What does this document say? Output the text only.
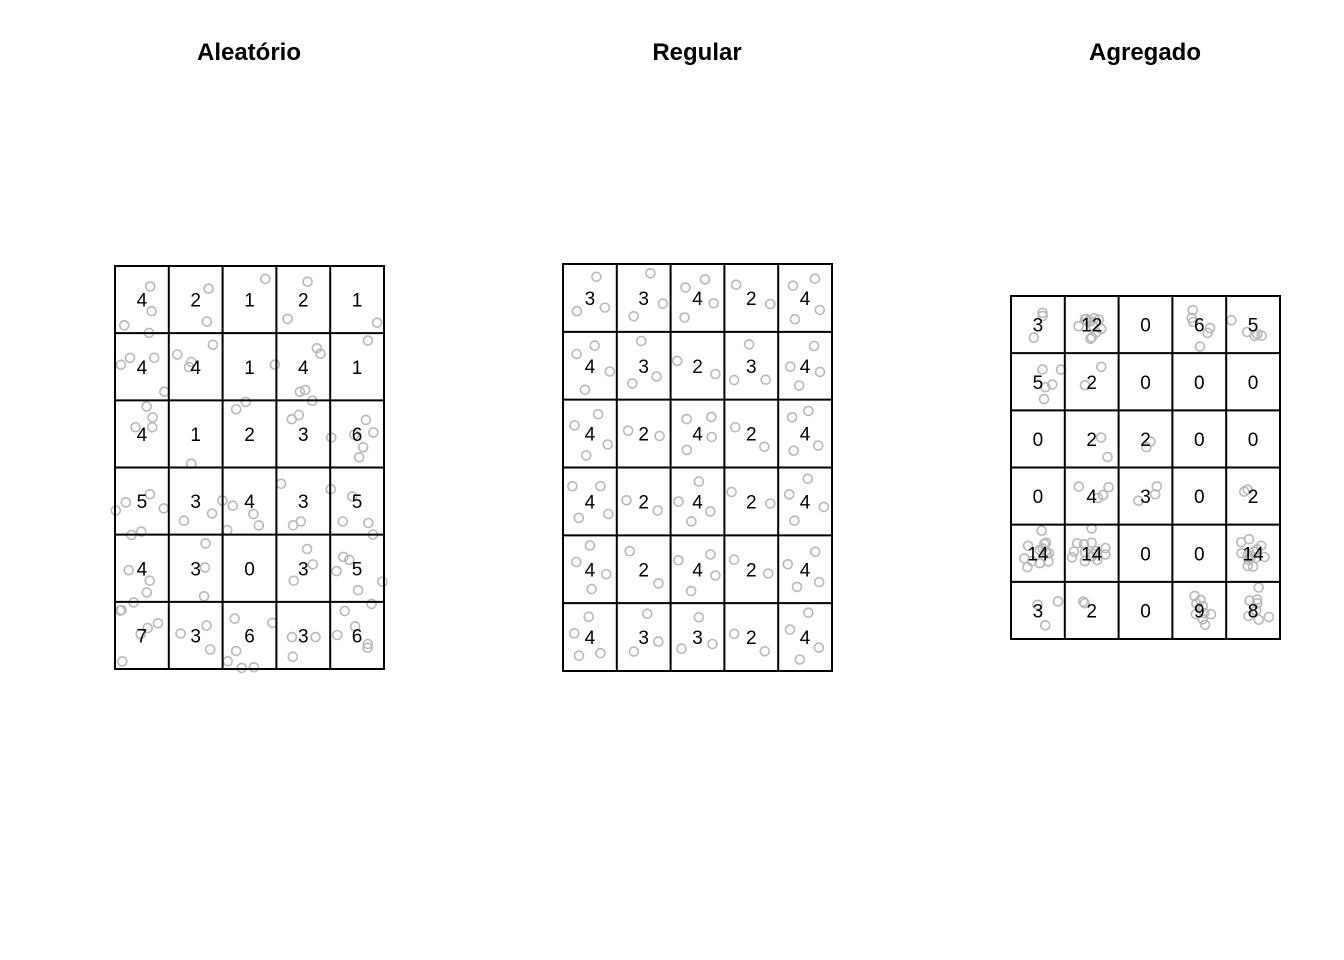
Aleatório
4 2 1 2 1
4 4 1 4 1
4 1 2 3 6
5 3 4 3 5
4 3 0 3 5
7 3 6 3 6
Regular
3 3 4 2 4
4 3 2 3 4
4 2 4 2 4
4 2 4 2 4
4 2 4 2 4
4 3 3 2 4
Agregado
3 12 0 6 5
5 2 0 0 0
0 2 2 0 0
0 4 3 0 2
14 14 0 0 14
3 2 0 9 8
